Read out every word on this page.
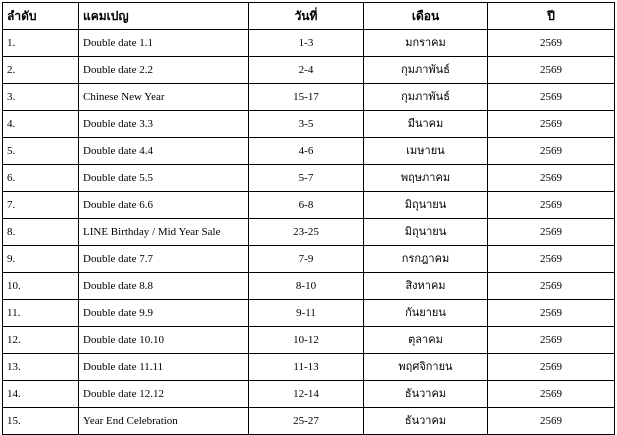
ลำดับ	แคมเปญ	วันที่	เดือน	ปี
1.	Double date 1.1	1-3	มกราคม	2569
2.	Double date 2.2	2-4	กุมภาพันธ์	2569
3.	Chinese New Year	15-17	กุมภาพันธ์	2569
4.	Double date 3.3	3-5	มีนาคม	2569
5.	Double date 4.4	4-6	เมษายน	2569
6.	Double date 5.5	5-7	พฤษภาคม	2569
7.	Double date 6.6	6-8	มิถุนายน	2569
8.	LINE Birthday / Mid Year Sale	23-25	มิถุนายน	2569
9.	Double date 7.7	7-9	กรกฎาคม	2569
10.	Double date 8.8	8-10	สิงหาคม	2569
11.	Double date 9.9	9-11	กันยายน	2569
12.	Double date 10.10	10-12	ตุลาคม	2569
13.	Double date 11.11	11-13	พฤศจิกายน	2569
14.	Double date 12.12	12-14	ธันวาคม	2569
15.	Year End Celebration	25-27	ธันวาคม	2569
